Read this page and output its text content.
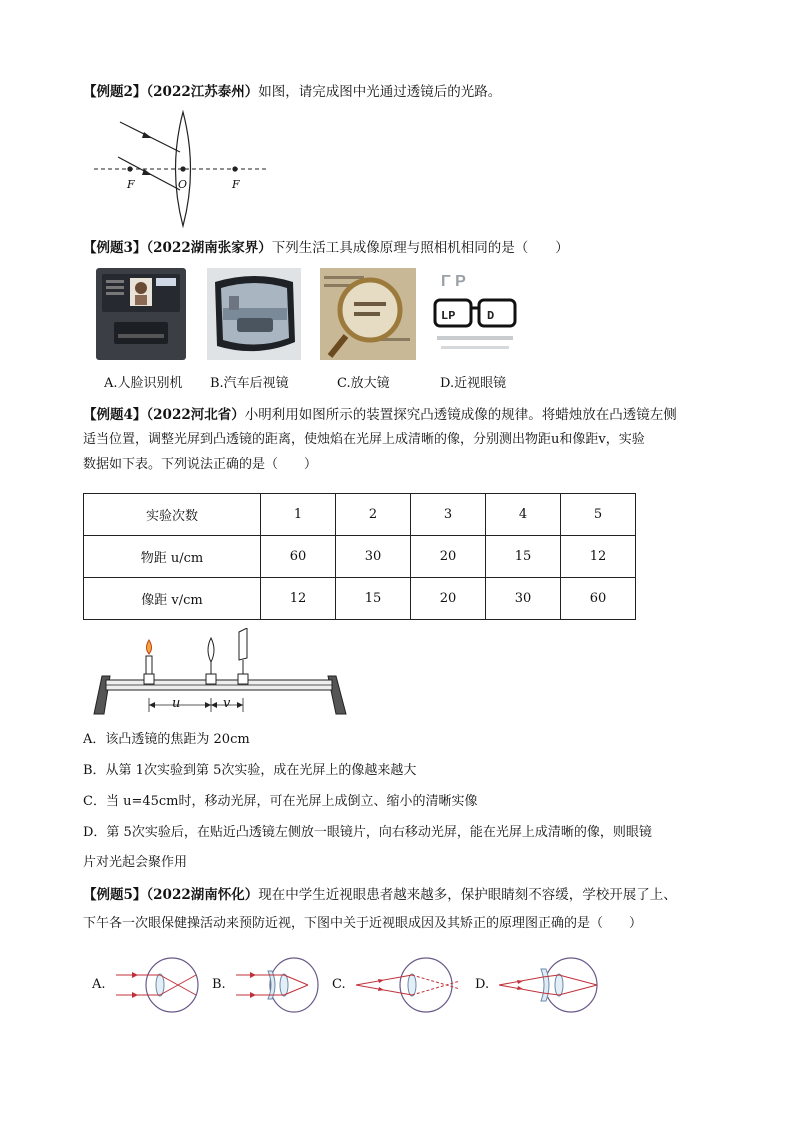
【例题2】（2022江苏泰州）如图，请完成图中光通过透镜后的光路。
F	O	F
【例题3】（2022湖南张家界）下列生活工具成像原理与照相机相同的是（　　）
Γ Ρ
LP	D
A.人脸识别机 B.汽车后视镜	C.放大镜	D.近视眼镜
【例题4】（2022河北省）小明利用如图所示的装置探究凸透镜成像的规律。将蜡烛放在凸透镜左侧
适当位置，调整光屏到凸透镜的距离，使烛焰在光屏上成清晰的像，分别测出物距u和像距v，实验
数据如下表。下列说法正确的是（　　）
实验次数	1	2	3	4	5
物距 u/cm	60	30	20	15	12
像距 v/cm	12	15	20	30	60
u	v
A．该凸透镜的焦距为 20cm
B．从第 1次实验到第 5次实验，成在光屏上的像越来越大
C．当 u=45cm时，移动光屏，可在光屏上成倒立、缩小的清晰实像
D．第 5次实验后，在贴近凸透镜左侧放一眼镜片，向右移动光屏，能在光屏上成清晰的像，则眼镜
片对光起会聚作用
【例题5】（2022湖南怀化）现在中学生近视眼患者越来越多，保护眼睛刻不容缓，学校开展了上、
下午各一次眼保健操活动来预防近视，下图中关于近视眼成因及其矫正的原理图正确的是（　　）
A.	B.	C.	D.
